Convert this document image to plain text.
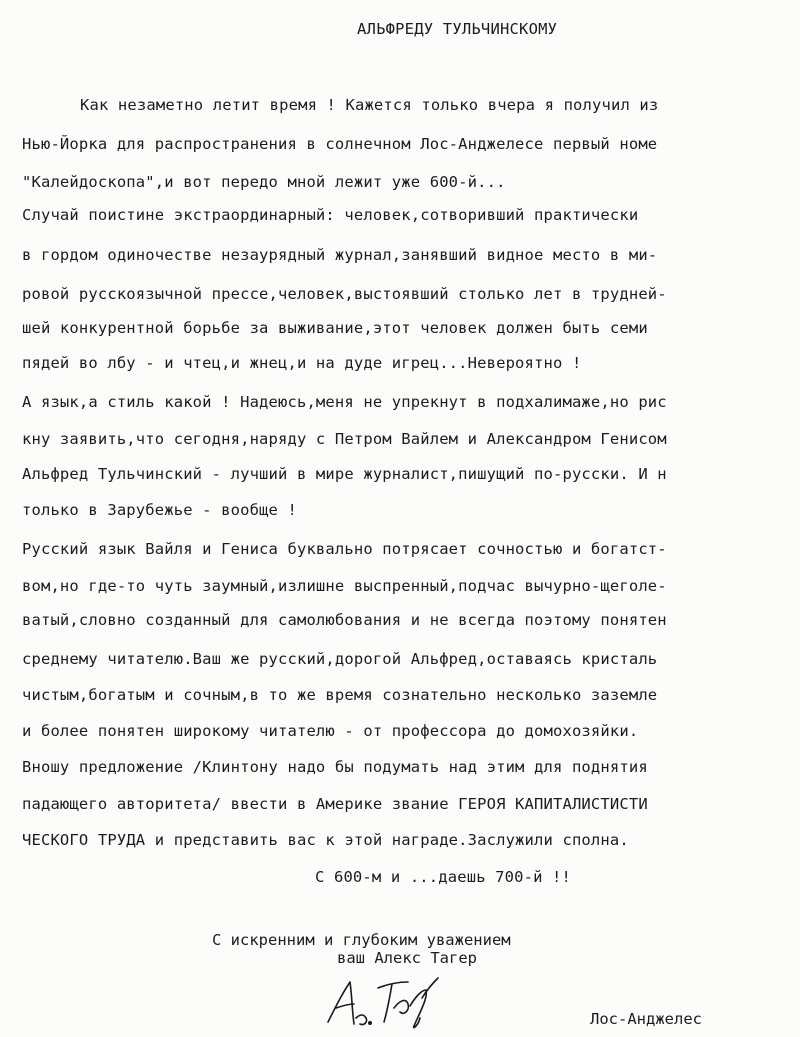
АЛЬФРЕДУ ТУЛЬЧИНСКОМУ
Как незаметно летит время ! Кажется только вчера я получил из
Нью-Йорка для распространения в солнечном Лос-Анджелесе первый номе
"Калейдоскопа",и вот передо мной лежит уже 600-й...
Случай поистине экстраординарный: человек,сотворивший практически
в гордом одиночестве незаурядный журнал,занявший видное место в ми-
ровой русскоязычной прессе,человек,выстоявший столько лет в трудней-
шей конкурентной борьбе за выживание,этот человек должен быть семи
пядей во лбу - и чтец,и жнец,и на дуде игрец...Невероятно !
А язык,а стиль какой ! Надеюсь,меня не упрекнут в подхалимаже,но рис
кну заявить,что сегодня,наряду с Петром Вайлем и Александром Генисом
Альфред Тульчинский - лучший в мире журналист,пишущий по-русски. И н
только в Зарубежье - вообще !
Русский язык Вайля и Гениса буквально потрясает сочностью и богатст-
вом,но где-то чуть заумный,излишне выспренный,подчас вычурно-щеголе-
ватый,словно созданный для самолюбования и не всегда поэтому понятен
среднему читателю.Ваш же русский,дорогой Альфред,оставаясь кристаль
чистым,богатым и сочным,в то же время сознательно несколько заземле
и более понятен широкому читателю - от профессора до домохозяйки.
Вношу предложение /Клинтону надо бы подумать над этим для поднятия
падающего авторитета/ ввести в Америке звание ГЕРОЯ КАПИТАЛИСТИСТИ
ЧЕСКОГО ТРУДА и представить вас к этой награде.Заслужили сполна.
С 600-м и ...даешь 700-й !!
С искренним и глубоким уважением
ваш Алекс Тагер
Лос-Анджелес
